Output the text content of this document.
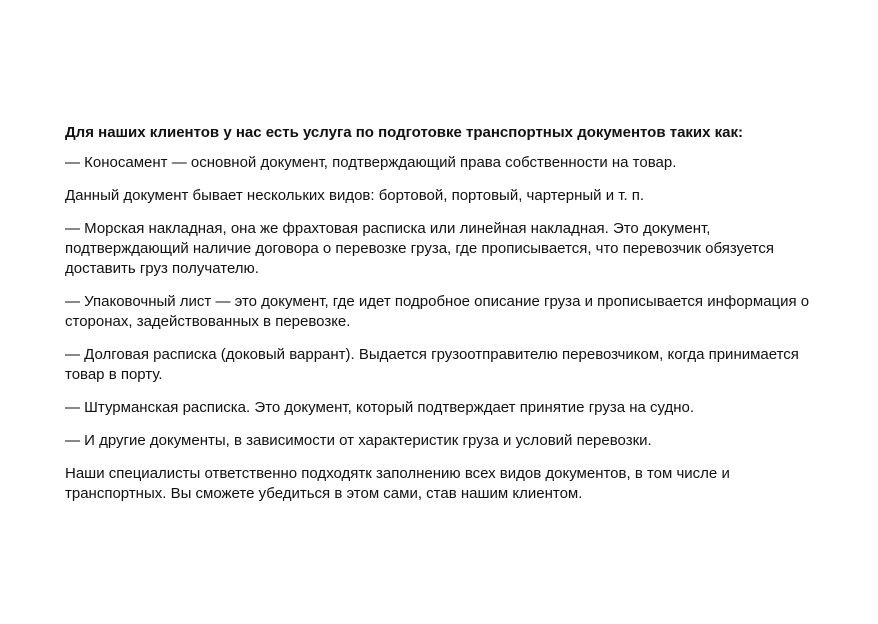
Для наших клиентов у нас есть услуга по подготовке транспортных документов таких как:

— Коносамент — основной документ, подтверждающий права собственности на товар.

Данный документ бывает нескольких видов: бортовой, портовый, чартерный и т. п.

— Морская накладная, она же фрахтовая расписка или линейная накладная. Это документ, подтверждающий наличие договора о перевозке груза, где прописывается, что перевозчик обязуется доставить груз получателю.

— Упаковочный лист — это документ, где идет подробное описание груза и прописывается информация о сторонах, задействованных в перевозке.

— Долговая расписка (доковый варрант). Выдается грузоотправителю перевозчиком, когда принимается товар в порту.

— Штурманская расписка. Это документ, который подтверждает принятие груза на судно.

— И другие документы, в зависимости от характеристик груза и условий перевозки.

Наши специалисты ответственно подходятк заполнению всех видов документов, в том числе и транспортных. Вы сможете убедиться в этом сами, став нашим клиентом.
